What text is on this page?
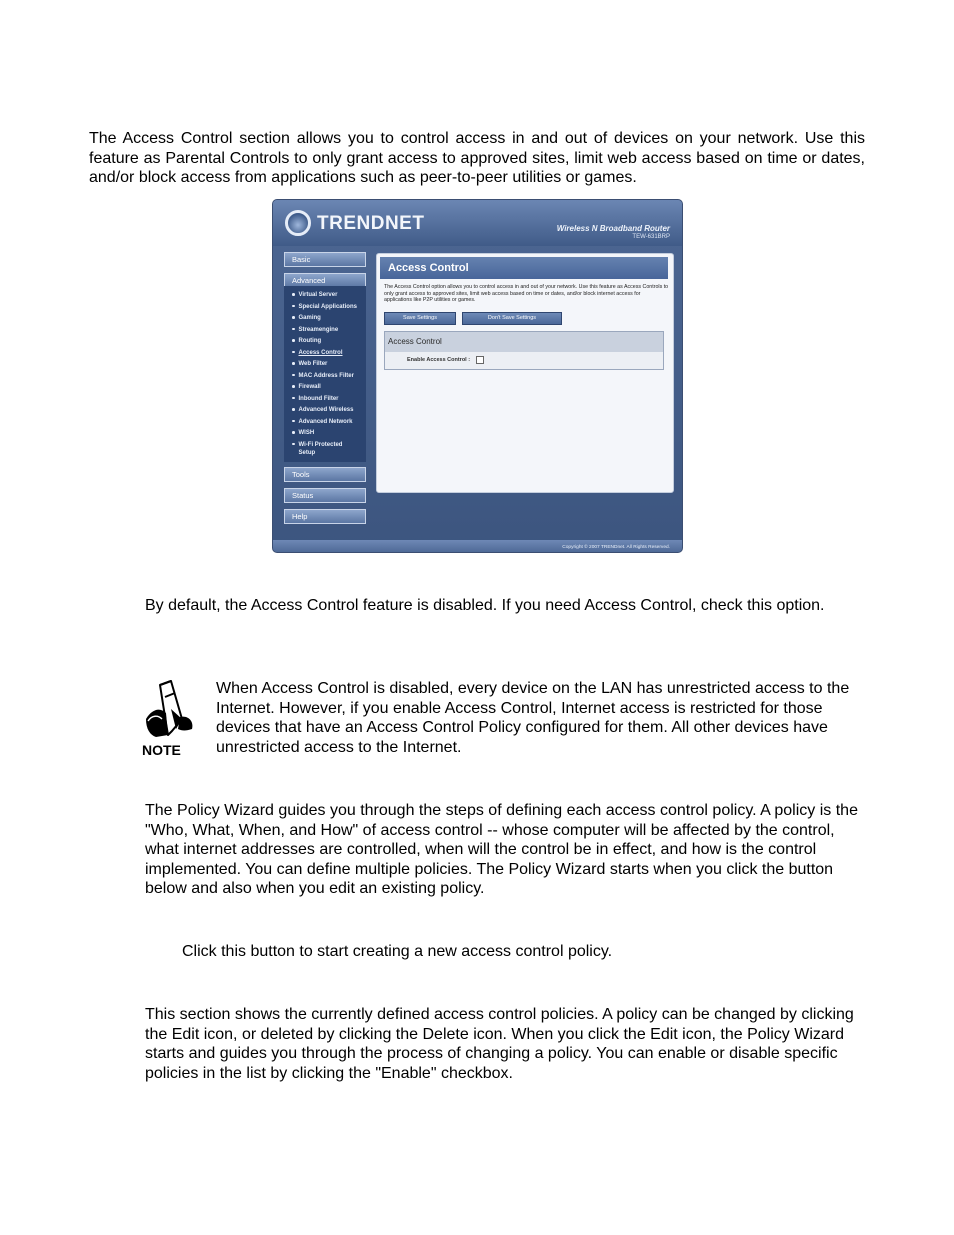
The Access Control section allows you to control access in and out of devices on your network. Use this feature as Parental Controls to only grant access to approved sites, limit web access based on time or dates, and/or block access from applications such as peer-to-peer utilities or games.

TRENDNET	Wireless N Broadband Router
TEW-631BRP
Basic
Advanced
Virtual Server
Special Applications
Gaming
Streamengine
Routing
Access Control
Web Filter
MAC Address Filter
Firewall
Inbound Filter
Advanced Wireless
Advanced Network
WISH
Wi-Fi Protected
Setup
Tools
Status
Help
Access Control
The Access Control option allows you to control access in and out of your network. Use this feature as Access Controls to only grant access to approved sites, limit web access based on time or dates, and/or block internet access for applications like P2P utilities or games.
Save Settings	Don't Save Settings
Access Control
Enable Access Control :
Copyright © 2007 TRENDnet. All Rights Reserved.

By default, the Access Control feature is disabled. If you need Access Control, check this option.

NOTE

When Access Control is disabled, every device on the LAN has unrestricted access to the Internet. However, if you enable Access Control, Internet access is restricted for those devices that have an Access Control Policy configured for them. All other devices have unrestricted access to the Internet.

The Policy Wizard guides you through the steps of defining each access control policy. A policy is the "Who, What, When, and How" of access control -- whose computer will be affected by the control, what internet addresses are controlled, when will the control be in effect, and how is the control implemented. You can define multiple policies. The Policy Wizard starts when you click the button below and also when you edit an existing policy.

Click this button to start creating a new access control policy.

This section shows the currently defined access control policies. A policy can be changed by clicking the Edit icon, or deleted by clicking the Delete icon. When you click the Edit icon, the Policy Wizard starts and guides you through the process of changing a policy. You can enable or disable specific policies in the list by clicking the "Enable" checkbox.
